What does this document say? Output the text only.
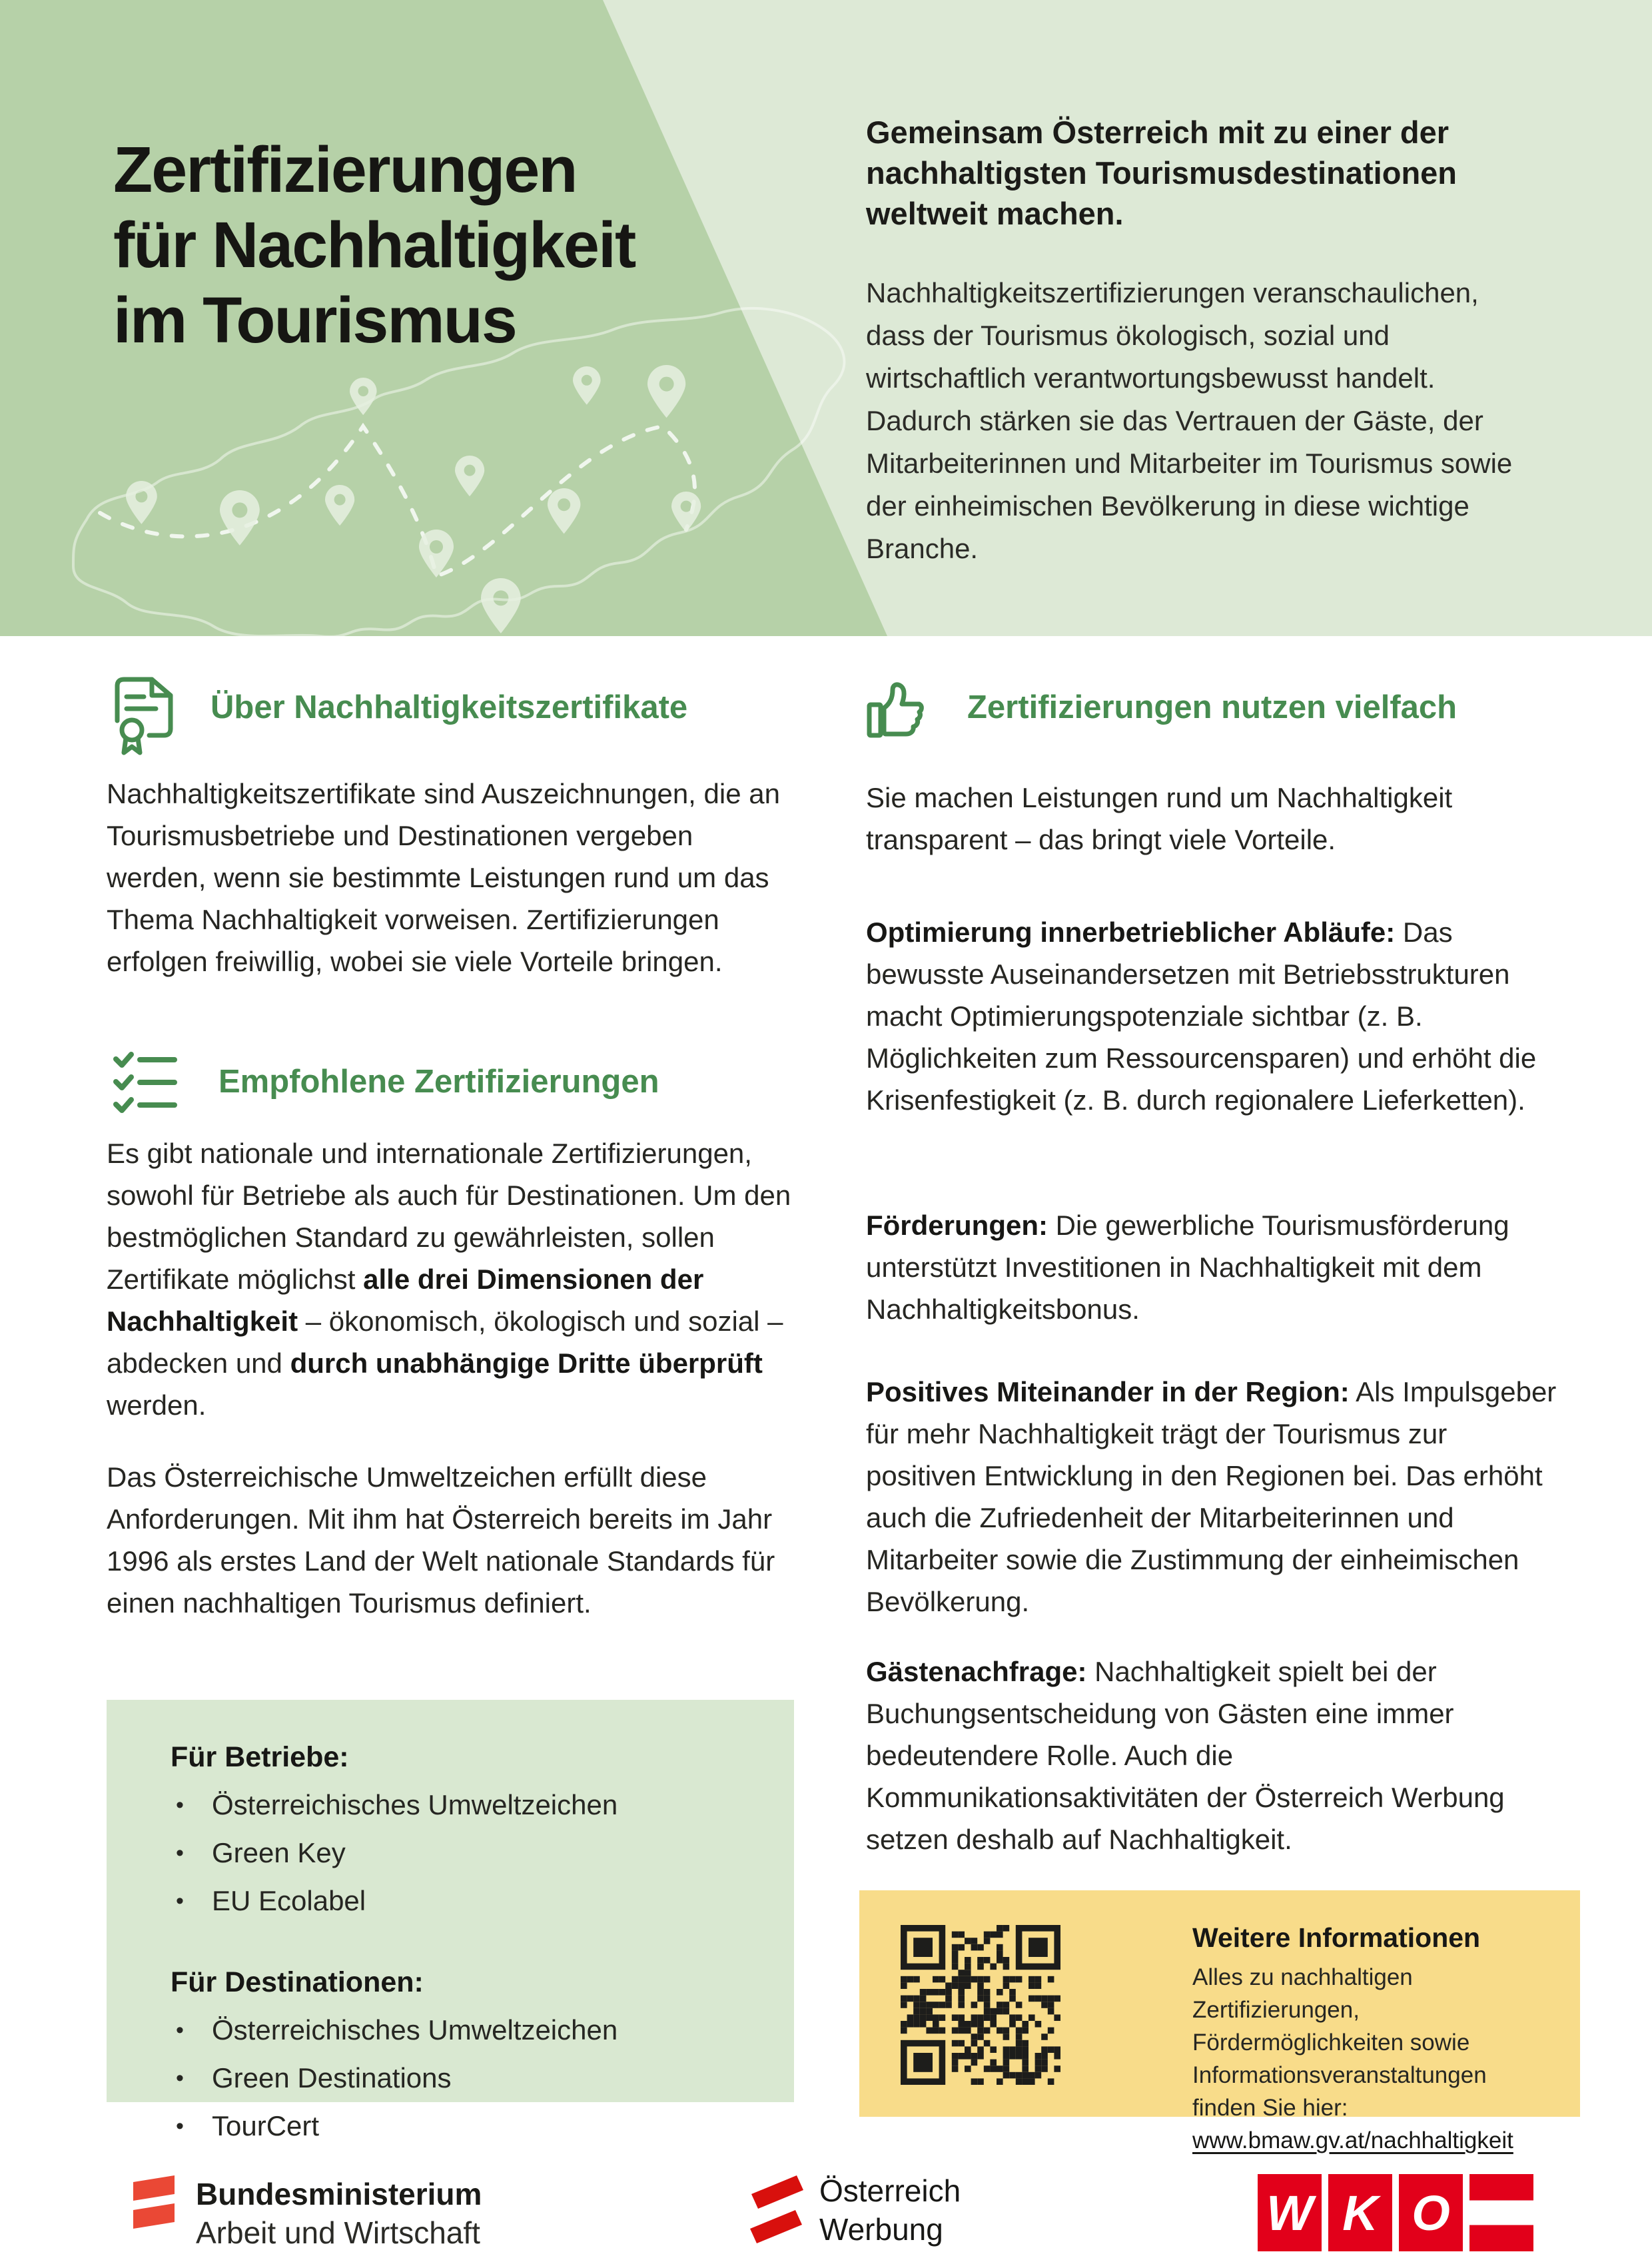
Zertifizierungen
für Nachhaltigkeit
im Tourismus

Gemeinsam Österreich mit zu einer der nachhaltigsten Tourismusdestinationen weltweit machen.

Nachhaltigkeitszertifizierungen veranschaulichen, dass der Tourismus ökologisch, sozial und wirtschaftlich verantwortungsbewusst handelt. Dadurch stärken sie das Vertrauen der Gäste, der Mitarbeiterinnen und Mitarbeiter im Tourismus sowie der einheimischen Bevölkerung in diese wichtige Branche.

Über Nachhaltigkeitszertifikate

Nachhaltigkeitszertifikate sind Auszeichnungen, die an Tourismusbetriebe und Destinationen vergeben werden, wenn sie bestimmte Leistungen rund um das Thema Nachhaltigkeit vorweisen. Zertifizierungen erfolgen freiwillig, wobei sie viele Vorteile bringen.

Empfohlene Zertifizierungen

Es gibt nationale und internationale Zertifizierungen, sowohl für Betriebe als auch für Destinationen. Um den bestmöglichen Standard zu gewährleisten, sollen Zertifikate möglichst alle drei Dimensionen der Nachhaltigkeit – ökonomisch, ökologisch und sozial – abdecken und durch unabhängige Dritte überprüft werden.

Das Österreichische Umweltzeichen erfüllt diese Anforderungen. Mit ihm hat Österreich bereits im Jahr 1996 als erstes Land der Welt nationale Standards für einen nachhaltigen Tourismus definiert.

Für Betriebe:
• Österreichisches Umweltzeichen
• Green Key
• EU Ecolabel
Für Destinationen:
• Österreichisches Umweltzeichen
• Green Destinations
• TourCert
Zertifizierungen nutzen vielfach

Sie machen Leistungen rund um Nachhaltigkeit transparent – das bringt viele Vorteile.

Optimierung innerbetrieblicher Abläufe: Das bewusste Auseinandersetzen mit Betriebsstrukturen macht Optimierungspotenziale sichtbar (z. B. Möglichkeiten zum Ressourcensparen) und erhöht die Krisenfestigkeit (z. B. durch regionalere Lieferketten).

Förderungen: Die gewerbliche Tourismusförderung unterstützt Investitionen in Nachhaltigkeit mit dem Nachhaltigkeitsbonus.

Positives Miteinander in der Region: Als Impulsgeber für mehr Nachhaltigkeit trägt der Tourismus zur positiven Entwicklung in den Regionen bei. Das erhöht auch die Zufriedenheit der Mitarbeiterinnen und Mitarbeiter sowie die Zustimmung der einheimischen Bevölkerung.

Gästenachfrage: Nachhaltigkeit spielt bei der Buchungsentscheidung von Gästen eine immer bedeutendere Rolle. Auch die Kommunikationsaktivitäten der Österreich Werbung setzen deshalb auf Nachhaltigkeit.

Weitere Informationen

Alles zu nachhaltigen Zertifizierungen, Fördermöglichkeiten sowie Informationsveranstaltungen finden Sie hier: www.bmaw.gv.at/nachhaltigkeit

Bundesministerium
Arbeit und Wirtschaft
Österreich
Werbung	W K O
